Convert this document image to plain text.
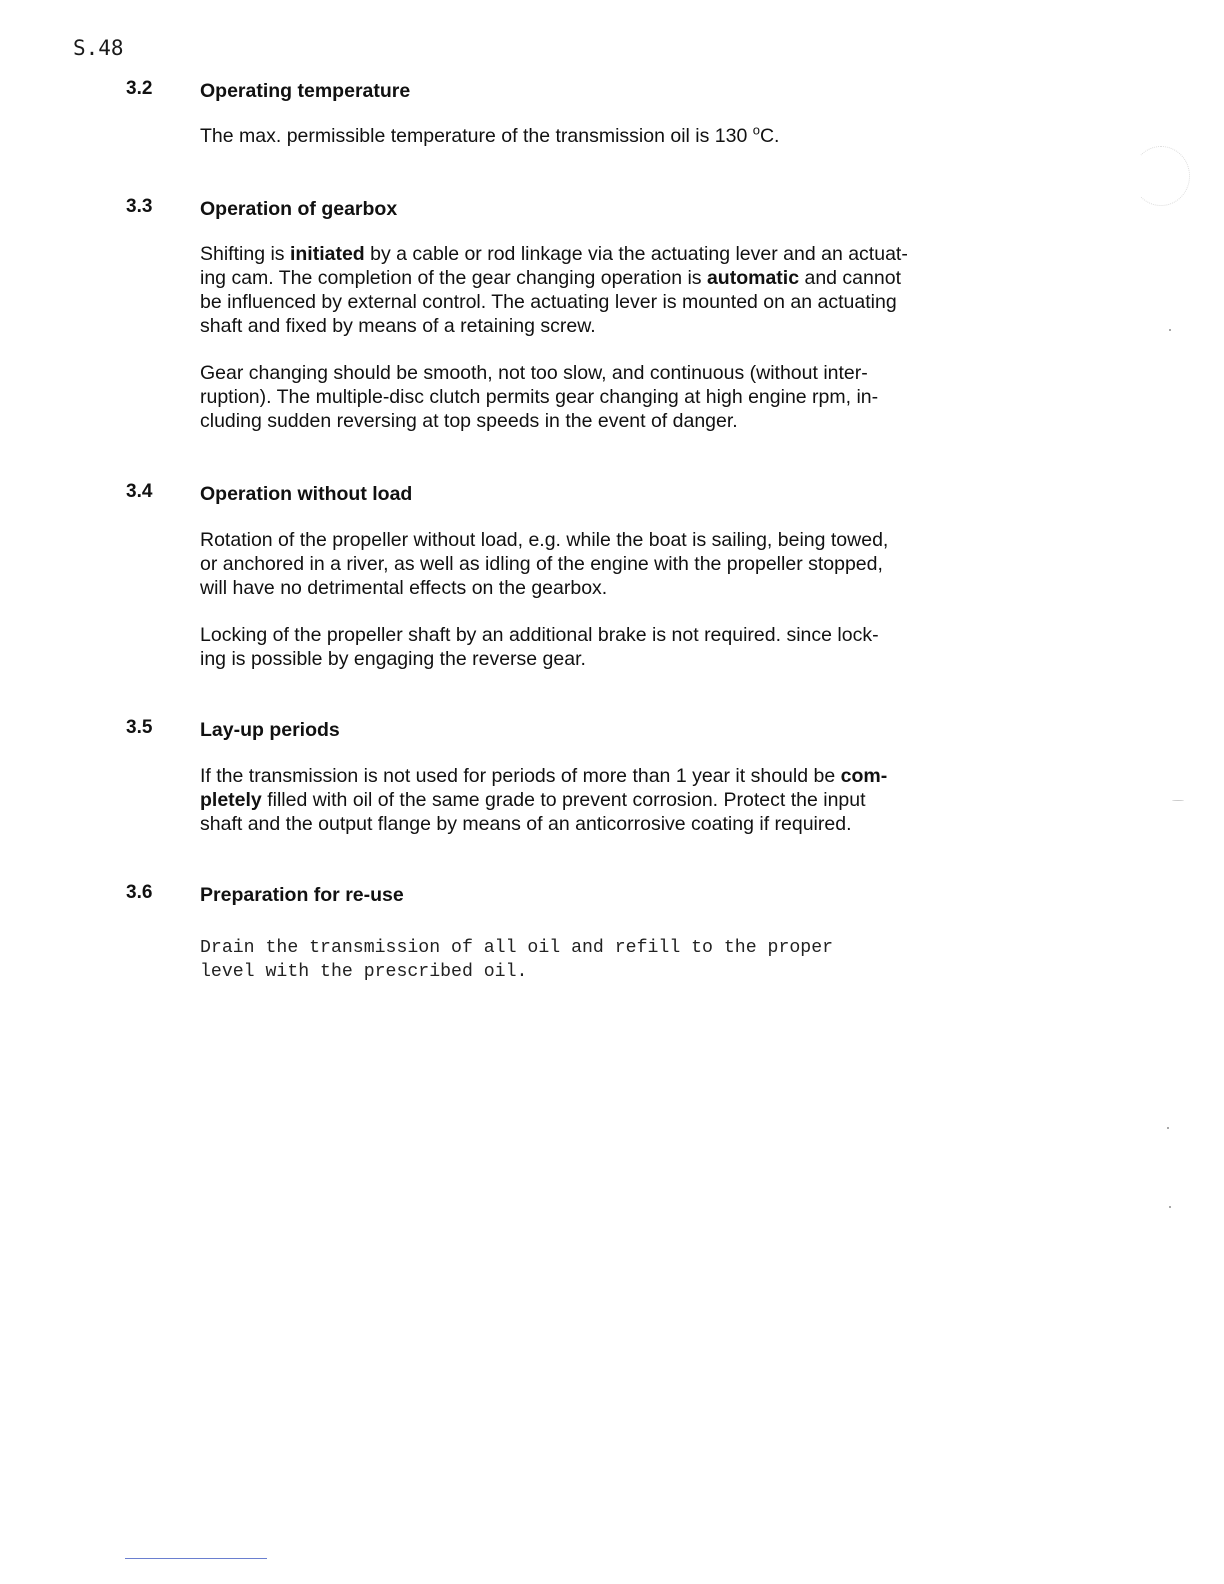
S.48
3.2 Operating temperature

The max. permissible temperature of the transmission oil is 130 $^o$C.

3.3 Operation of gearbox

Shifting is initiated by a cable or rod linkage via the actuating lever and an actuat-
ing cam. The completion of the gear changing operation is automatic and cannot
be influenced by external control. The actuating lever is mounted on an actuating
shaft and fixed by means of a retaining screw.

Gear changing should be smooth, not too slow, and continuous (without inter-
ruption). The multiple-disc clutch permits gear changing at high engine rpm, in-
cluding sudden reversing at top speeds in the event of danger.

3.4 Operation without load

Rotation of the propeller without load, e.g. while the boat is sailing, being towed,
or anchored in a river, as well as idling of the engine with the propeller stopped,
will have no detrimental effects on the gearbox.

Locking of the propeller shaft by an additional brake is not required. since lock-
ing is possible by engaging the reverse gear.

3.5 Lay-up periods

If the transmission is not used for periods of more than 1 year it should be com-
pletely filled with oil of the same grade to prevent corrosion. Protect the input
shaft and the output flange by means of an anticorrosive coating if required.

3.6 Preparation for re-use

Drain the transmission of all oil and refill to the proper
level with the prescribed oil.
